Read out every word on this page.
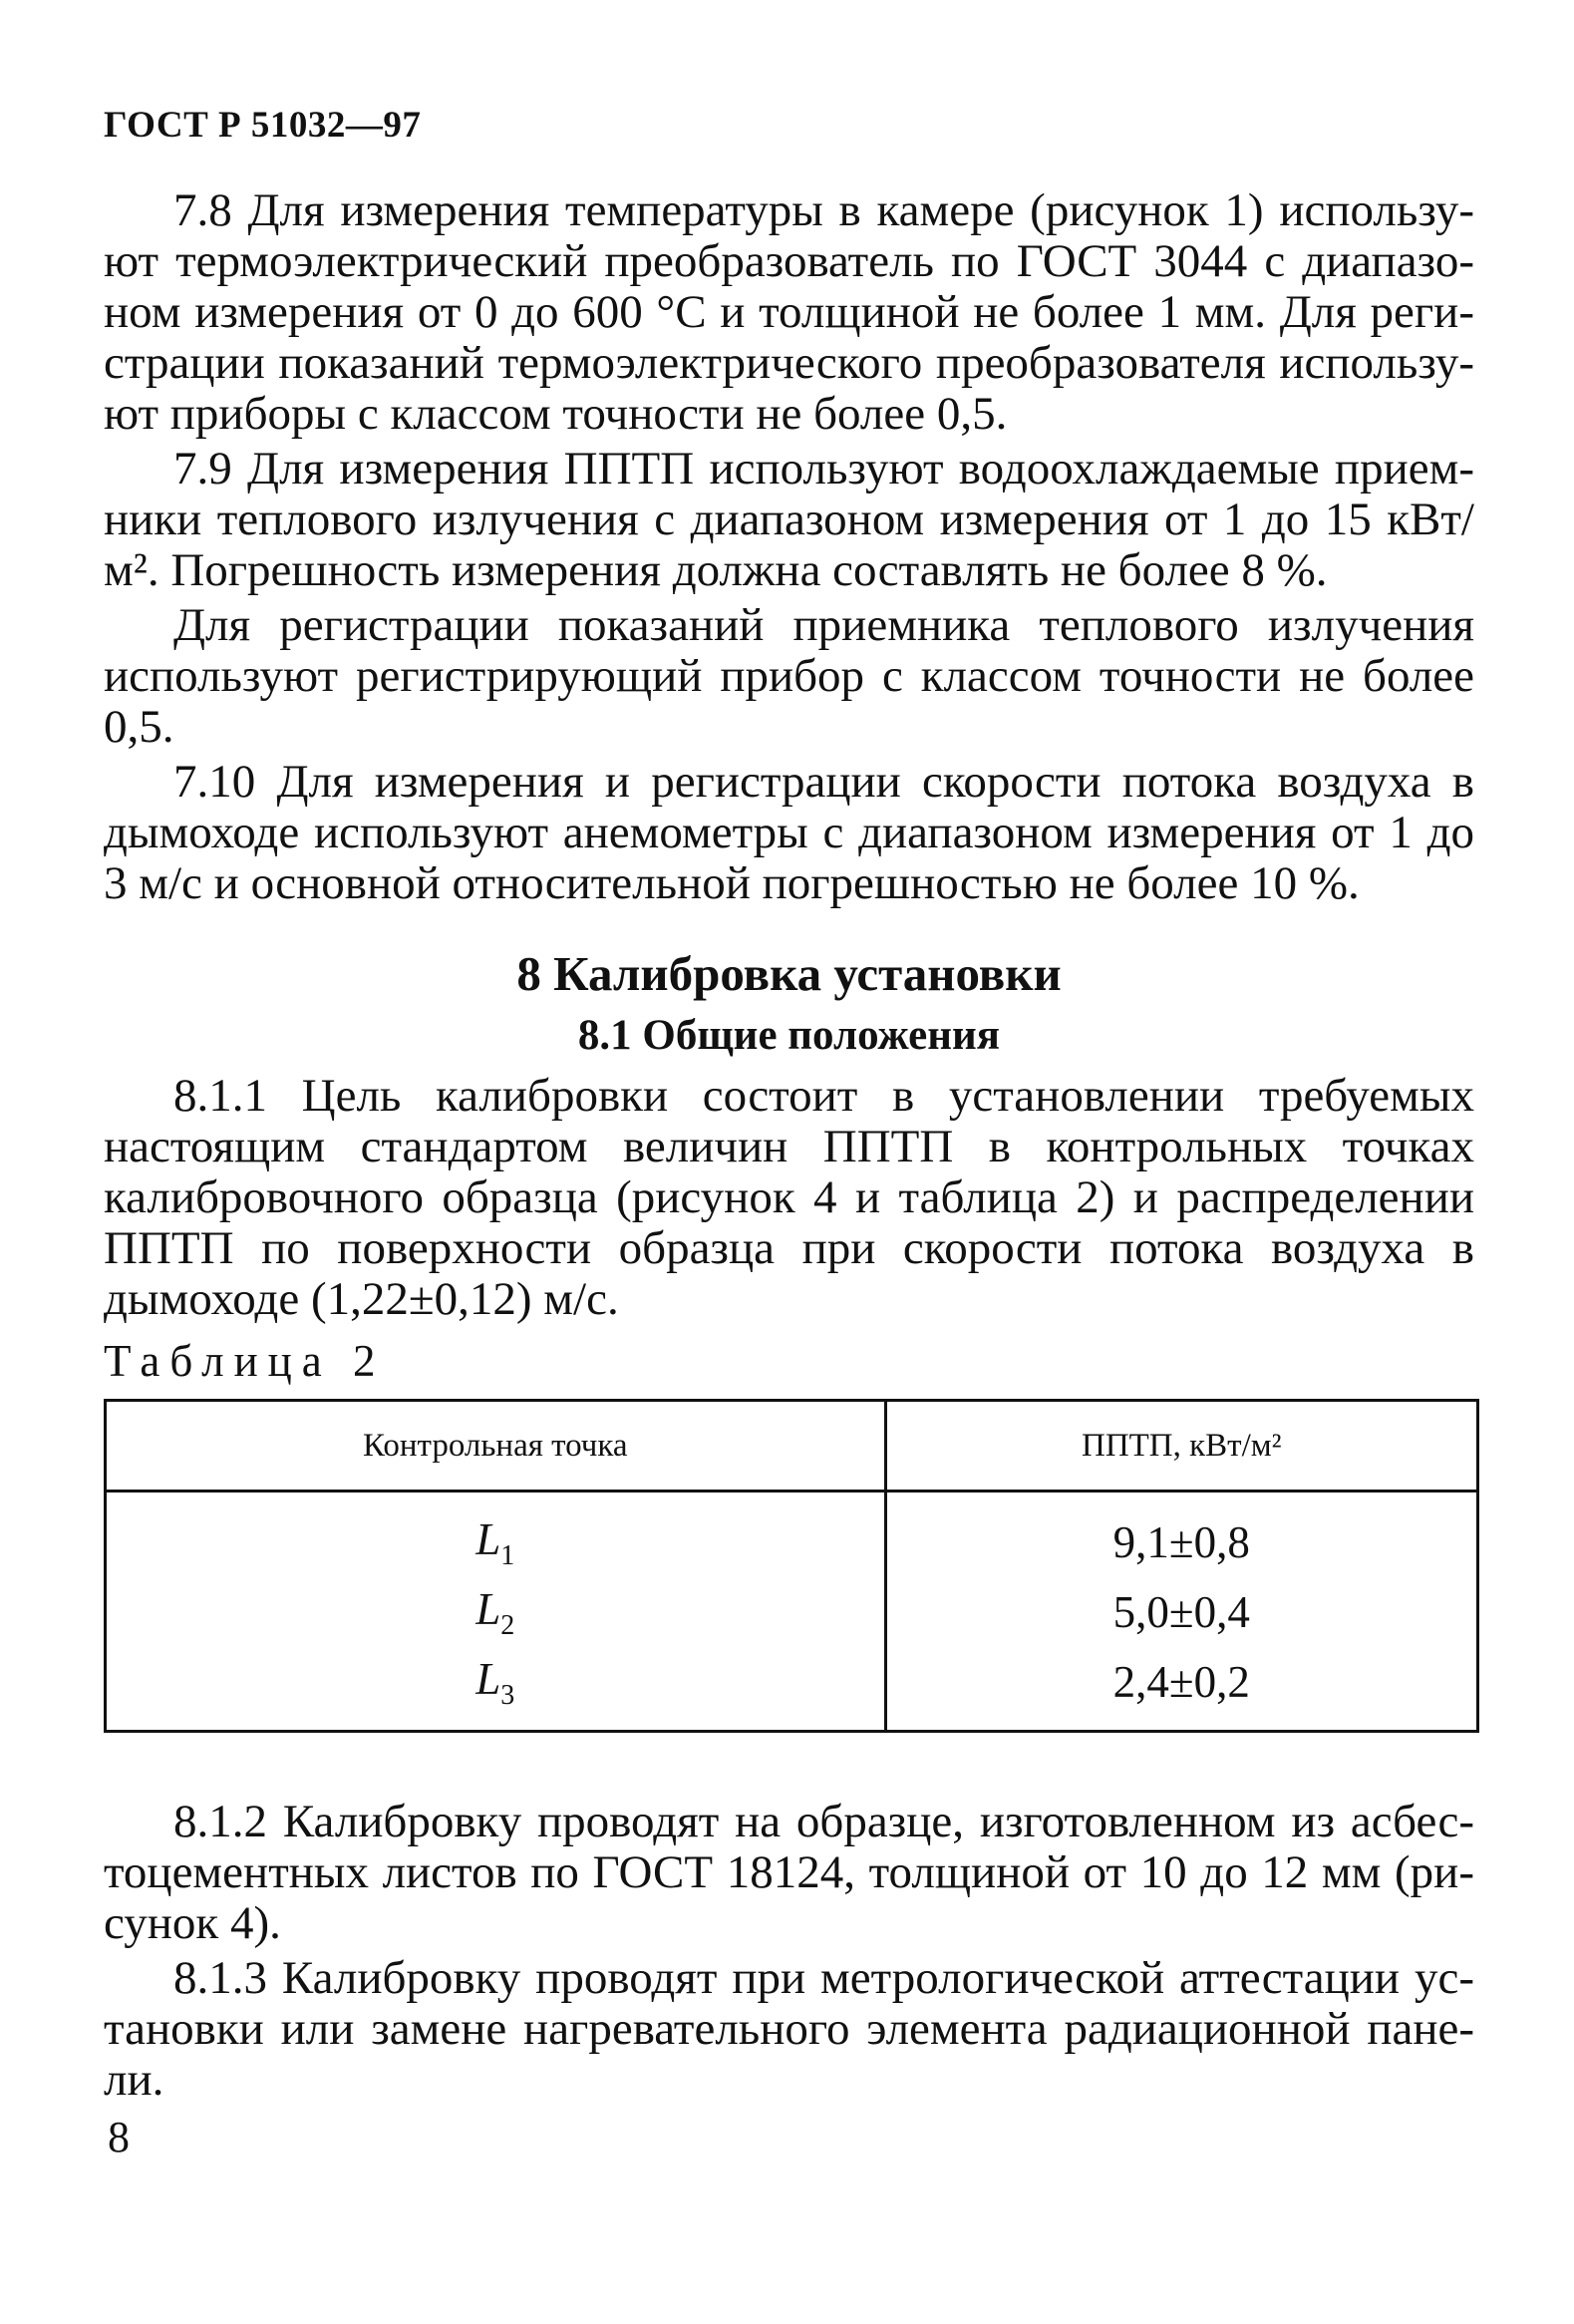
ГОСТ Р 51032—97

7.8 Для измерения температуры в камере (рисунок 1) используют термоэлектрический преобразователь по ГОСТ 3044 с диапазоном измерения от 0 до 600 °С и толщиной не более 1 мм. Для регистрации показаний термоэлектрического преобразователя используют приборы с классом точности не более 0,5.

7.9 Для измерения ППТП используют водоохлаждаемые приемники теплового излучения с диапазоном измерения от 1 до 15 кВт/м². Погрешность измерения должна составлять не более 8 %.

Для регистрации показаний приемника теплового излучения используют регистрирующий прибор с классом точности не более 0,5.

7.10 Для измерения и регистрации скорости потока воздуха в дымоходе используют анемометры с диапазоном измерения от 1 до 3 м/с и основной относительной погрешностью не более 10 %.

8 Калибровка установки
8.1 Общие положения

8.1.1 Цель калибровки состоит в установлении требуемых настоящим стандартом величин ППТП в контрольных точках калибровочного образца (рисунок 4 и таблица 2) и распределении ППТП по поверхности образца при скорости потока воздуха в дымоходе (1,22±0,12) м/с.

Таблица 2
Контрольная точка	ППТП, кВт/м²
$L_1$	9,1±0,8
$L_2$	5,0±0,4
$L_3$	2,4±0,2

8.1.2 Калибровку проводят на образце, изготовленном из асбестоцементных листов по ГОСТ 18124, толщиной от 10 до 12 мм (рисунок 4).

8.1.3 Калибровку проводят при метрологической аттестации установки или замене нагревательного элемента радиационной панели.

8
